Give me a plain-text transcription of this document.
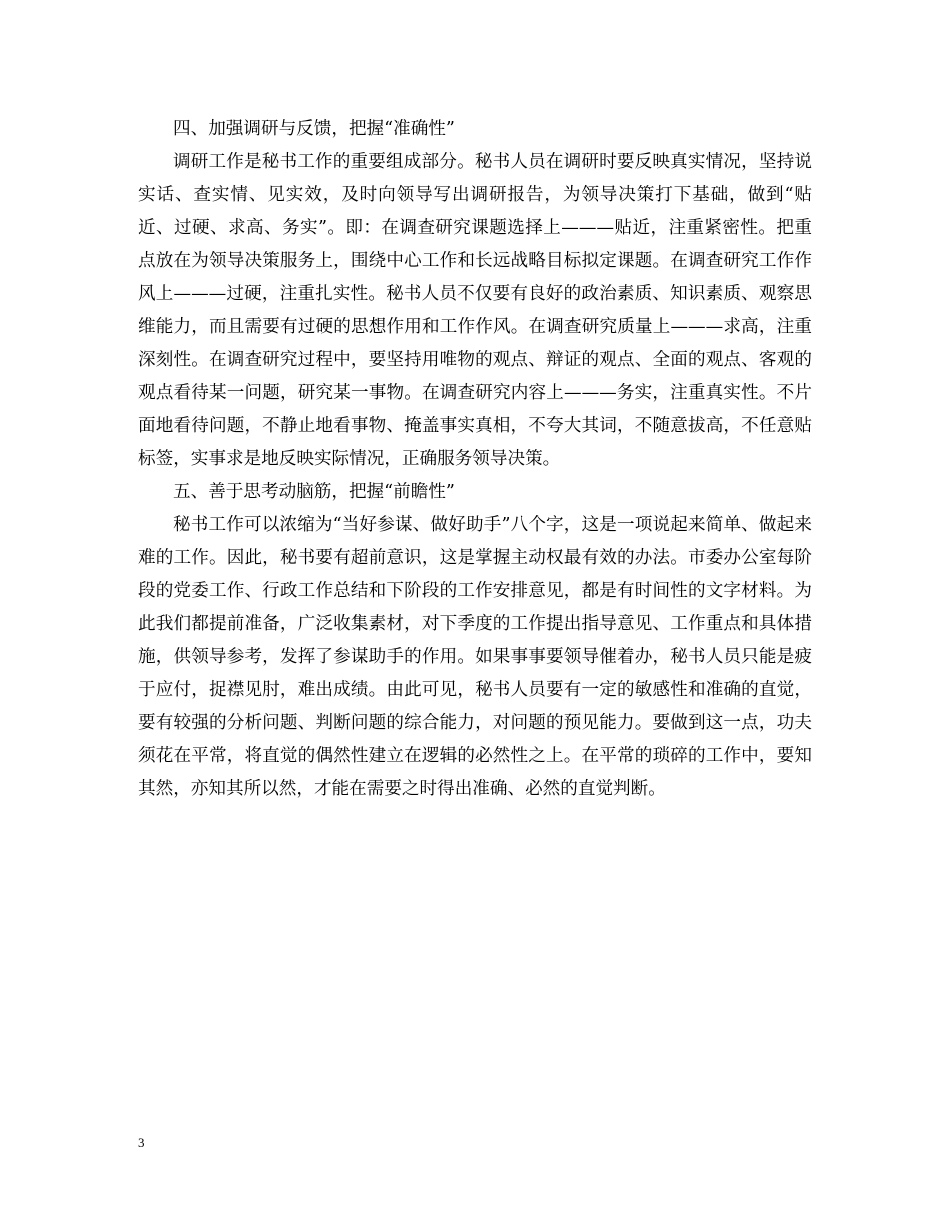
四、加强调研与反馈，把握“准确性”

调研工作是秘书工作的重要组成部分。秘书人员在调研时要反映真实情况，坚持说实话、查实情、见实效，及时向领导写出调研报告，为领导决策打下基础，做到“贴近、过硬、求高、务实”。即：在调查研究课题选择上———贴近，注重紧密性。把重点放在为领导决策服务上，围绕中心工作和长远战略目标拟定课题。在调查研究工作作风上———过硬，注重扎实性。秘书人员不仅要有良好的政治素质、知识素质、观察思维能力，而且需要有过硬的思想作用和工作作风。在调查研究质量上———求高，注重深刻性。在调查研究过程中，要坚持用唯物的观点、辩证的观点、全面的观点、客观的观点看待某一问题，研究某一事物。在调查研究内容上———务实，注重真实性。不片面地看待问题，不静止地看事物、掩盖事实真相，不夸大其词，不随意拔高，不任意贴标签，实事求是地反映实际情况，正确服务领导决策。

五、善于思考动脑筋，把握“前瞻性”

秘书工作可以浓缩为“当好参谋、做好助手”八个字，这是一项说起来简单、做起来难的工作。因此，秘书要有超前意识，这是掌握主动权最有效的办法。市委办公室每阶段的党委工作、行政工作总结和下阶段的工作安排意见，都是有时间性的文字材料。为此我们都提前准备，广泛收集素材，对下季度的工作提出指导意见、工作重点和具体措施，供领导参考，发挥了参谋助手的作用。如果事事要领导催着办，秘书人员只能是疲于应付，捉襟见肘，难出成绩。由此可见，秘书人员要有一定的敏感性和准确的直觉，要有较强的分析问题、判断问题的综合能力，对问题的预见能力。要做到这一点，功夫须花在平常，将直觉的偶然性建立在逻辑的必然性之上。在平常的琐碎的工作中，要知其然，亦知其所以然，才能在需要之时得出准确、必然的直觉判断。

3
